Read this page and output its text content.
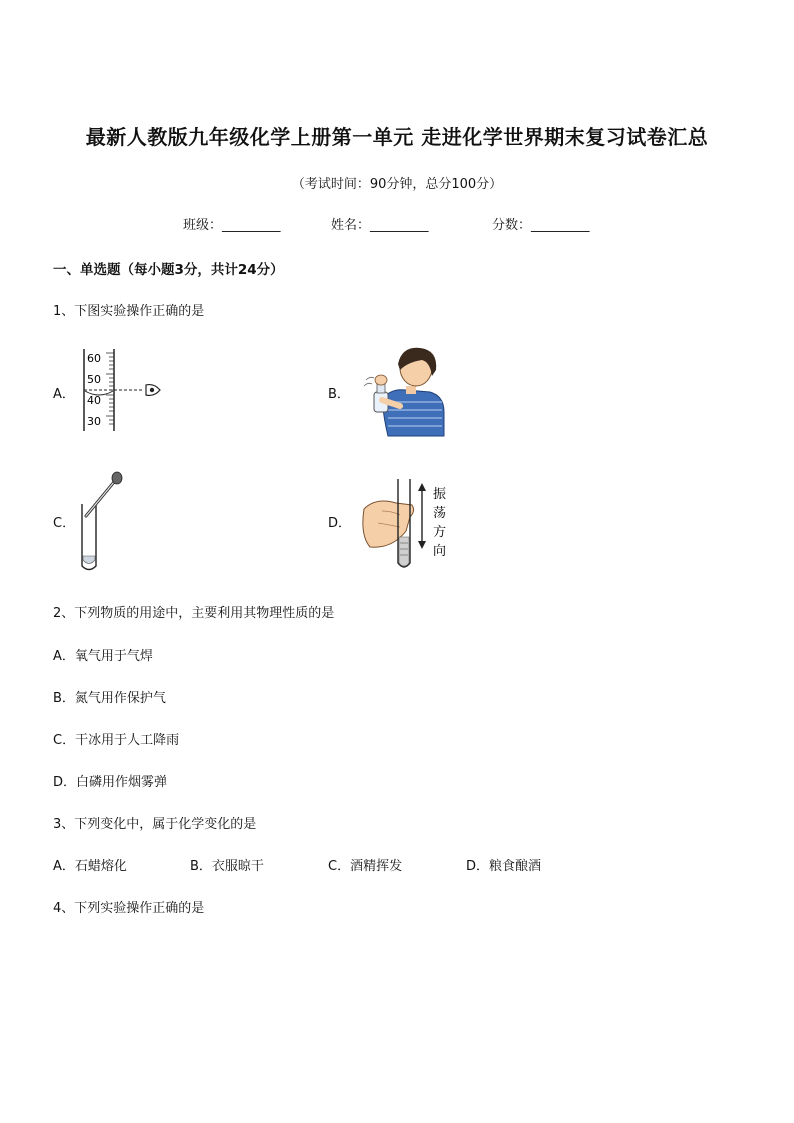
最新人教版九年级化学上册第一单元 走进化学世界期末复习试卷汇总
（考试时间：90分钟，总分100分）
班级：_________	姓名：_________	分数：_________
一、单选题（每小题3分，共计24分）
1、下图实验操作正确的是
A．
60
50
40
30
B．
C．	D．
振
荡
方
向
2、下列物质的用途中，主要利用其物理性质的是
A．氧气用于气焊
B．氮气用作保护气
C．干冰用于人工降雨
D．白磷用作烟雾弹
3、下列变化中，属于化学变化的是
A．石蜡熔化	B．衣服晾干	C．酒精挥发	D．粮食酿酒
4、下列实验操作正确的是
